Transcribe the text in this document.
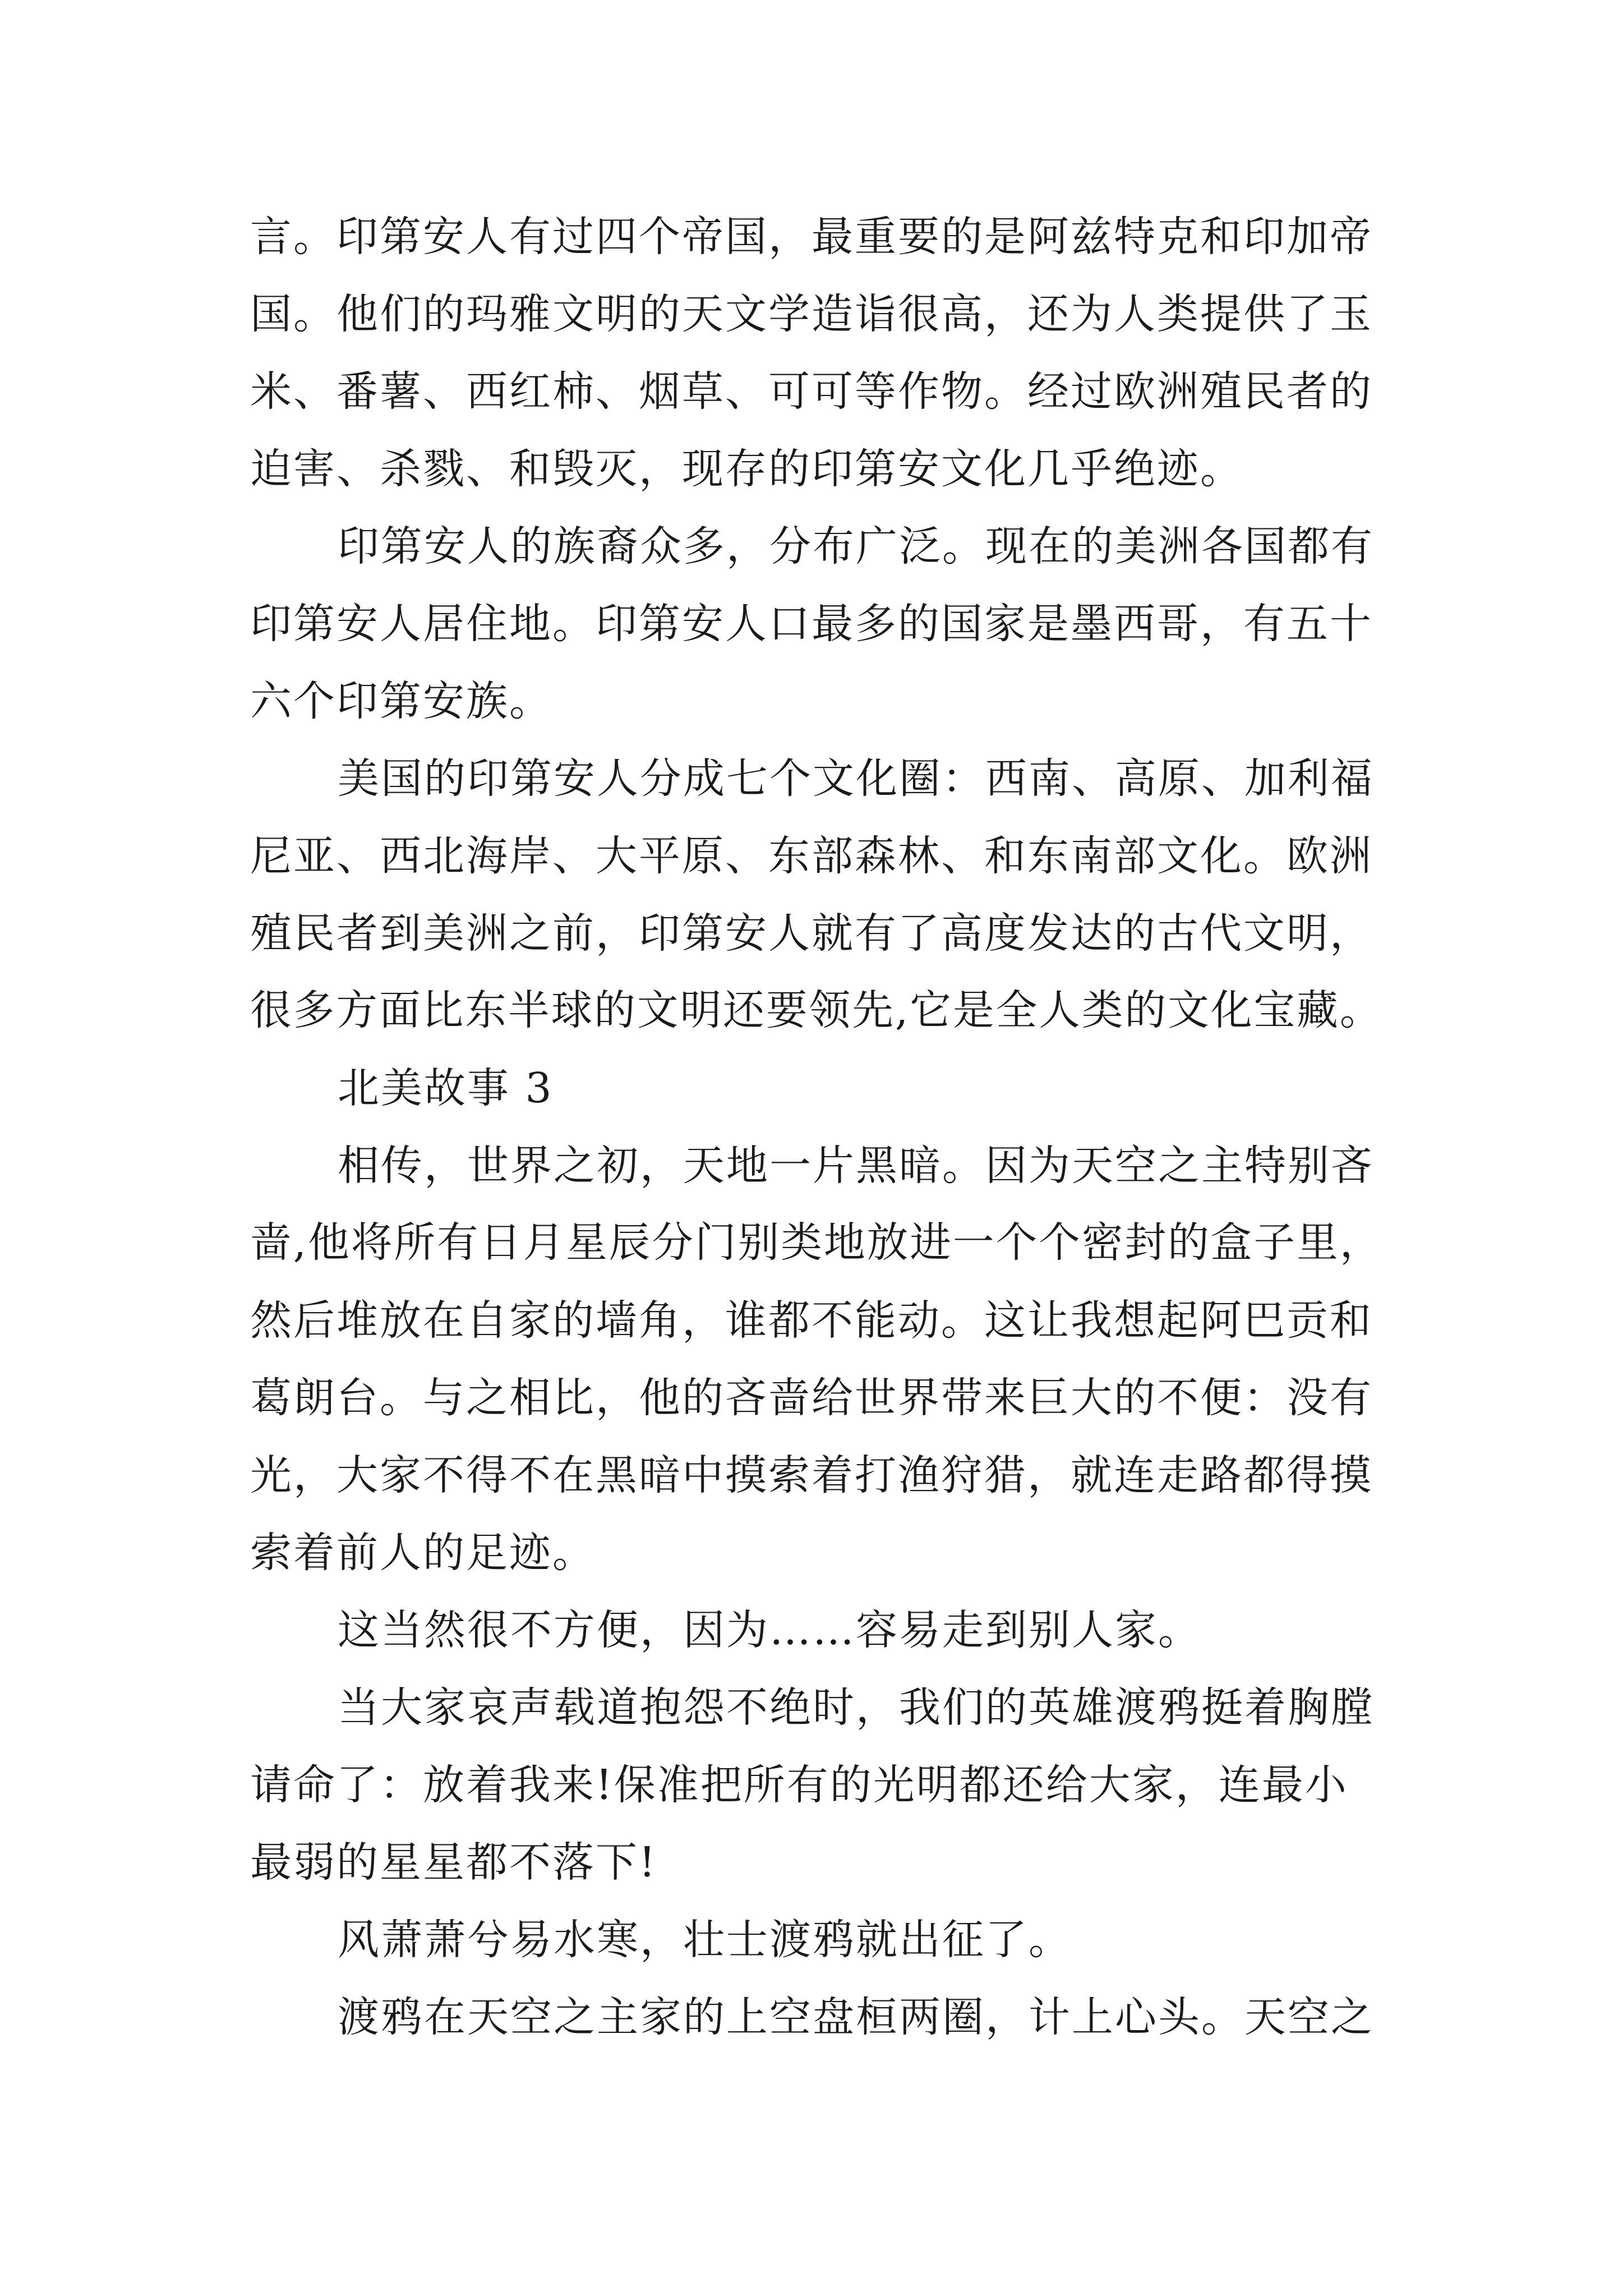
言。印第安人有过四个帝国，最重要的是阿兹特克和印加帝
国。他们的玛雅文明的天文学造诣很高，还为人类提供了玉
米、番薯、西红柿、烟草、可可等作物。经过欧洲殖民者的
迫害、杀戮、和毁灭，现存的印第安文化几乎绝迹。
印第安人的族裔众多，分布广泛。现在的美洲各国都有
印第安人居住地。印第安人口最多的国家是墨西哥，有五十
六个印第安族。
美国的印第安人分成七个文化圈：西南、高原、加利福
尼亚、西北海岸、大平原、东部森林、和东南部文化。欧洲
殖民者到美洲之前，印第安人就有了高度发达的古代文明，
很多方面比东半球的文明还要领先,它是全人类的文化宝藏。
北美故事 3
相传，世界之初，天地一片黑暗。因为天空之主特别吝
啬,他将所有日月星辰分门别类地放进一个个密封的盒子里，
然后堆放在自家的墙角，谁都不能动。这让我想起阿巴贡和
葛朗台。与之相比，他的吝啬给世界带来巨大的不便：没有
光，大家不得不在黑暗中摸索着打渔狩猎，就连走路都得摸
索着前人的足迹。
这当然很不方便，因为……容易走到别人家。
当大家哀声载道抱怨不绝时，我们的英雄渡鸦挺着胸膛
请命了：放着我来!保准把所有的光明都还给大家，连最小
最弱的星星都不落下!
风萧萧兮易水寒，壮士渡鸦就出征了。
渡鸦在天空之主家的上空盘桓两圈，计上心头。天空之
